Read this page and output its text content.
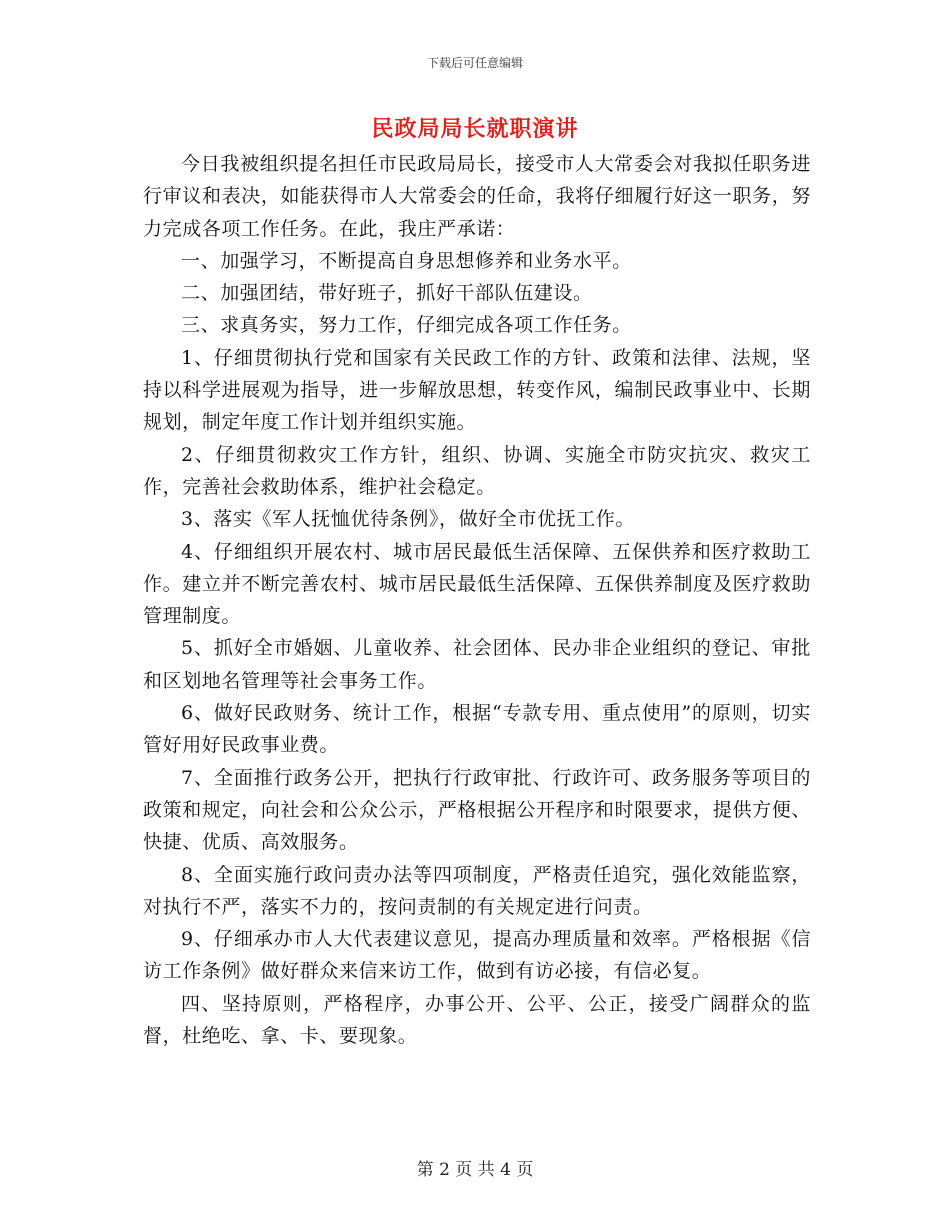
下载后可任意编辑
民政局局长就职演讲

今日我被组织提名担任市民政局局长，接受市人大常委会对我拟任职务进行审议和表决，如能获得市人大常委会的任命，我将仔细履行好这一职务，努力完成各项工作任务。在此，我庄严承诺：

一、加强学习，不断提高自身思想修养和业务水平。

二、加强团结，带好班子，抓好干部队伍建设。

三、求真务实，努力工作，仔细完成各项工作任务。

1、仔细贯彻执行党和国家有关民政工作的方针、政策和法律、法规，坚持以科学进展观为指导，进一步解放思想，转变作风，编制民政事业中、长期规划，制定年度工作计划并组织实施。

2、仔细贯彻救灾工作方针，组织、协调、实施全市防灾抗灾、救灾工作，完善社会救助体系，维护社会稳定。

3、落实《军人抚恤优待条例》，做好全市优抚工作。

4、仔细组织开展农村、城市居民最低生活保障、五保供养和医疗救助工作。建立并不断完善农村、城市居民最低生活保障、五保供养制度及医疗救助管理制度。

5、抓好全市婚姻、儿童收养、社会团体、民办非企业组织的登记、审批和区划地名管理等社会事务工作。

6、做好民政财务、统计工作，根据“专款专用、重点使用”的原则，切实管好用好民政事业费。

7、全面推行政务公开，把执行行政审批、行政许可、政务服务等项目的政策和规定，向社会和公众公示，严格根据公开程序和时限要求，提供方便、快捷、优质、高效服务。

8、全面实施行政问责办法等四项制度，严格责任追究，强化效能监察，对执行不严，落实不力的，按问责制的有关规定进行问责。

9、仔细承办市人大代表建议意见，提高办理质量和效率。严格根据《信访工作条例》做好群众来信来访工作，做到有访必接，有信必复。

四、坚持原则，严格程序，办事公开、公平、公正，接受广阔群众的监督，杜绝吃、拿、卡、要现象。

第 2 页 共 4 页
